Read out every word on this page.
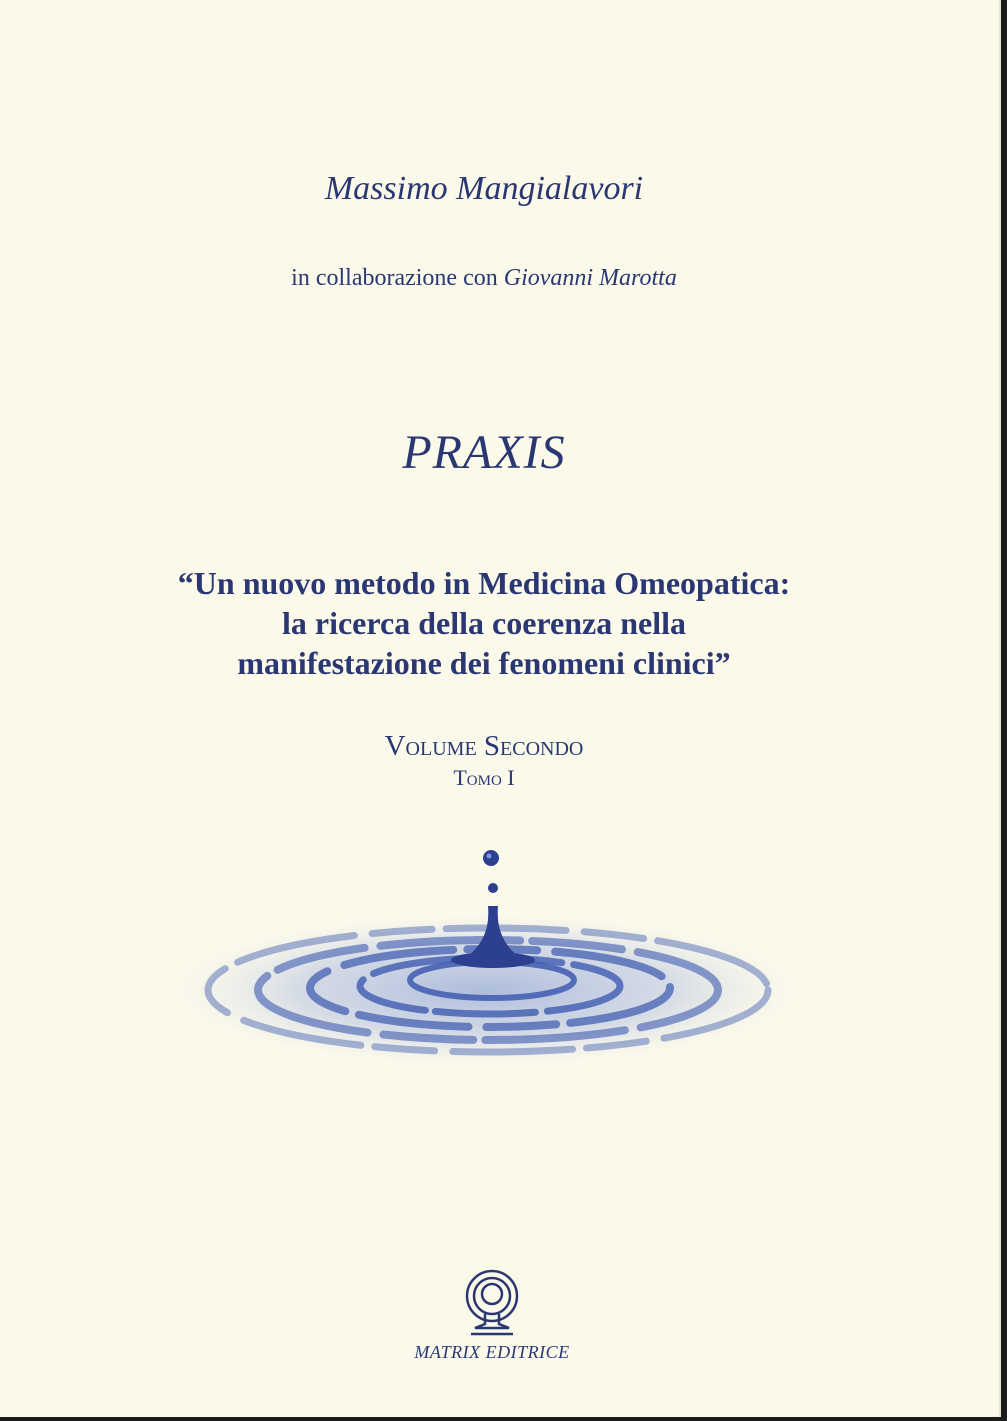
Massimo Mangialavori
in collaborazione con Giovanni Marotta
PRAXIS
“Un nuovo metodo in Medicina Omeopatica:
la ricerca della coerenza nella
manifestazione dei fenomeni clinici”
Volume Secondo
Tomo I
MATRIX EDITRICE
